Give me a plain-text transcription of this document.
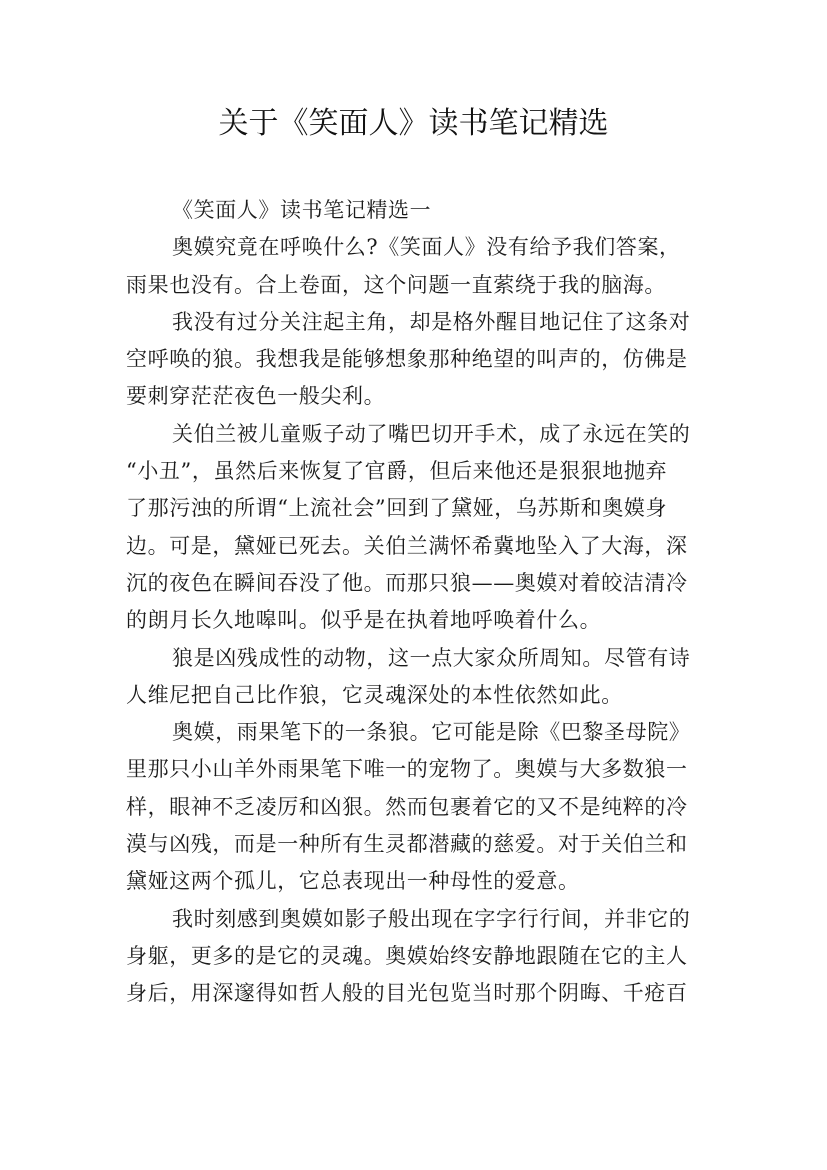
关于《笑面人》读书笔记精选
《笑面人》读书笔记精选一
奥嫫究竟在呼唤什么?《笑面人》没有给予我们答案，
雨果也没有。合上卷面，这个问题一直萦绕于我的脑海。
我没有过分关注起主角，却是格外醒目地记住了这条对
空呼唤的狼。我想我是能够想象那种绝望的叫声的，仿佛是
要刺穿茫茫夜色一般尖利。
关伯兰被儿童贩子动了嘴巴切开手术，成了永远在笑的
“小丑”，虽然后来恢复了官爵，但后来他还是狠狠地抛弃
了那污浊的所谓“上流社会”回到了黛娅，乌苏斯和奥嫫身
边。可是，黛娅已死去。关伯兰满怀希冀地坠入了大海，深
沉的夜色在瞬间吞没了他。而那只狼——奥嫫对着皎洁清冷
的朗月长久地嗥叫。似乎是在执着地呼唤着什么。
狼是凶残成性的动物，这一点大家众所周知。尽管有诗
人维尼把自己比作狼，它灵魂深处的本性依然如此。
奥嫫，雨果笔下的一条狼。它可能是除《巴黎圣母院》
里那只小山羊外雨果笔下唯一的宠物了。奥嫫与大多数狼一
样，眼神不乏凌厉和凶狠。然而包裹着它的又不是纯粹的冷
漠与凶残，而是一种所有生灵都潜藏的慈爱。对于关伯兰和
黛娅这两个孤儿，它总表现出一种母性的爱意。
我时刻感到奥嫫如影子般出现在字字行行间，并非它的
身躯，更多的是它的灵魂。奥嫫始终安静地跟随在它的主人
身后，用深邃得如哲人般的目光包览当时那个阴晦、千疮百
